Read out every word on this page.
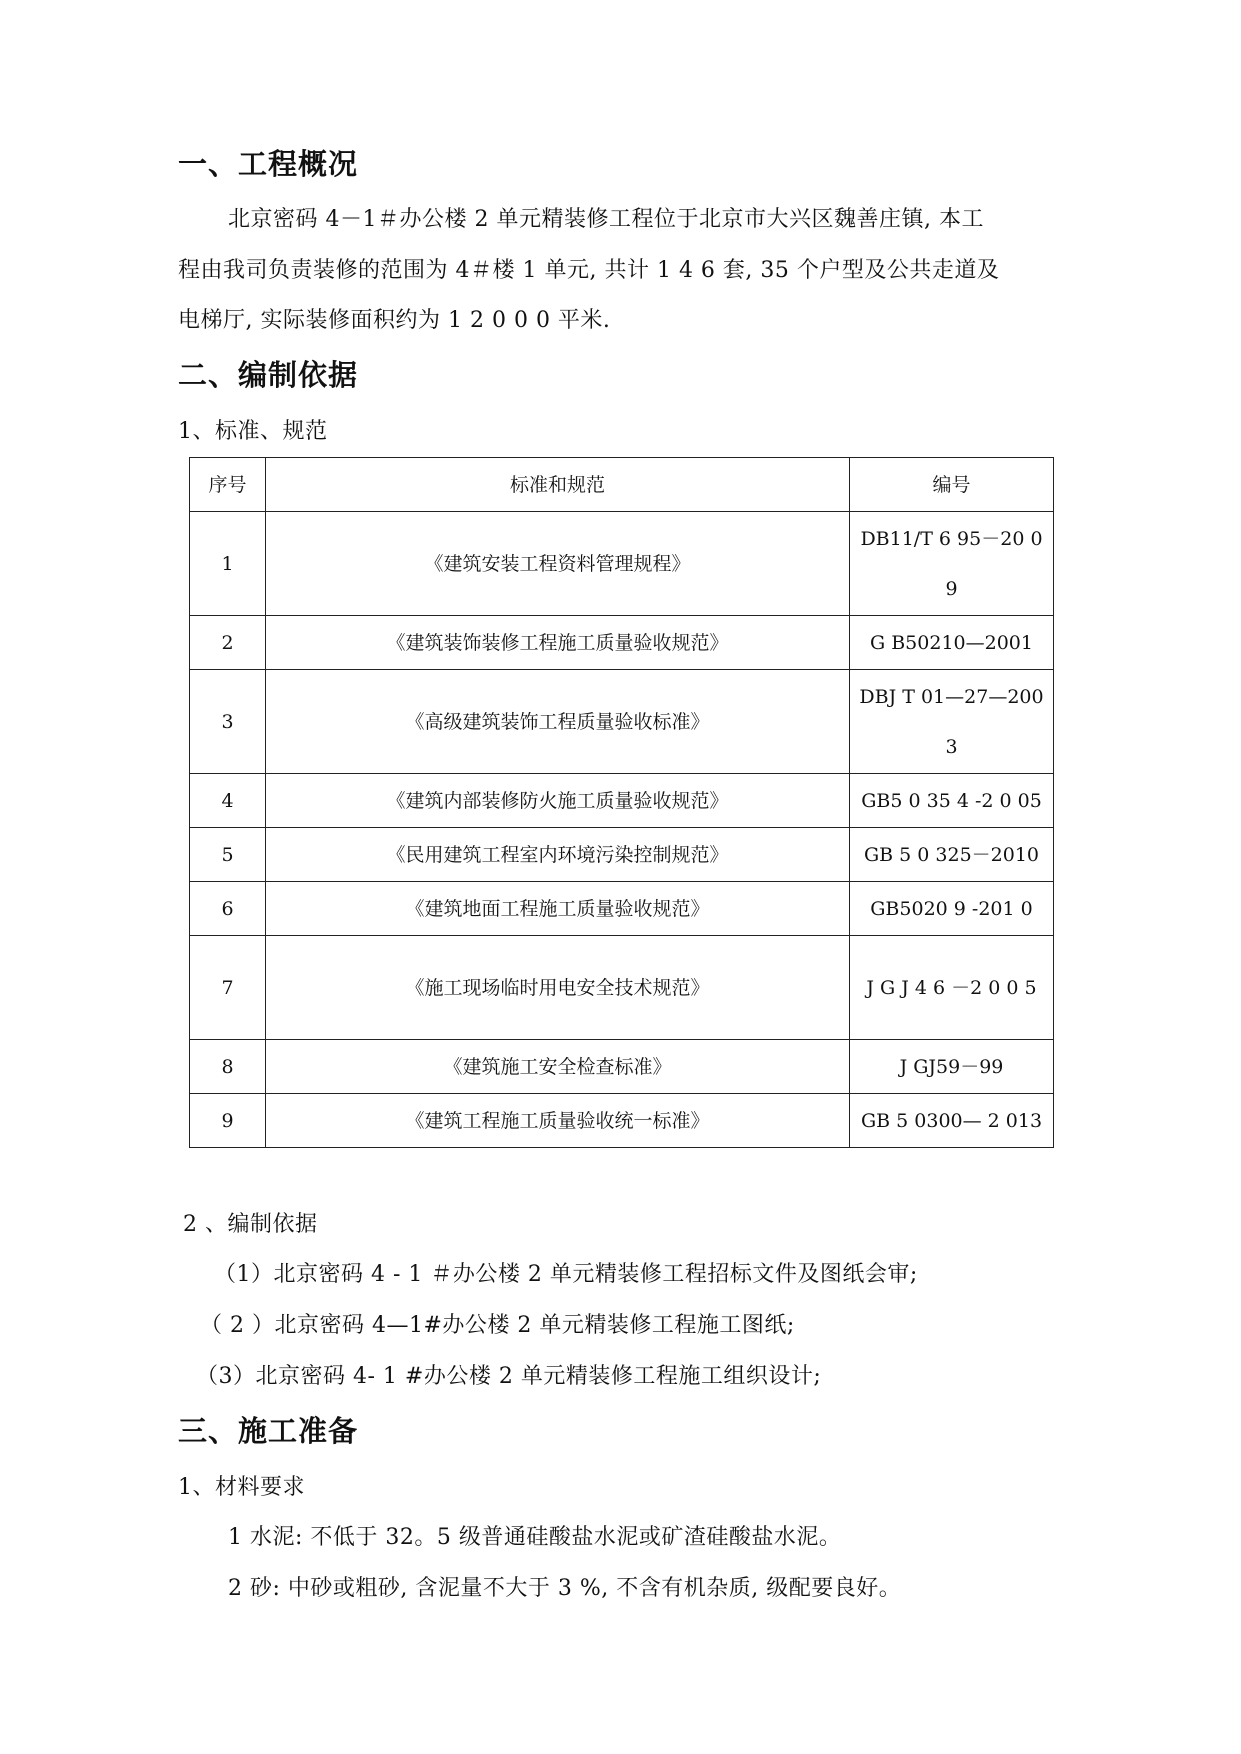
一、工程概况
北京密码 4－1＃办公楼 2 单元精装修工程位于北京市大兴区魏善庄镇, 本工
程由我司负责装修的范围为 4＃楼 1 单元, 共计 1 4 6 套, 35 个户型及公共走道及
电梯厅, 实际装修面积约为 1 2 0 0 0 平米.
二、编制依据
1、标准、规范
序号	标准和规范	编号
1	《建筑安装工程资料管理规程》	DB11/T 6 95－20 0 9
2	《建筑装饰装修工程施工质量验收规范》	G B50210—2001
3	《高级建筑装饰工程质量验收标准》	DBJ T 01—27—2003
4	《建筑内部装修防火施工质量验收规范》	GB5 0 35 4 -2 0 05
5	《民用建筑工程室内环境污染控制规范》	GB 5 0 325－2010
6	《建筑地面工程施工质量验收规范》	GB5020 9 -201 0
7	《施工现场临时用电安全技术规范》	J G J 4 6 －2 0 0 5
8	《建筑施工安全检查标准》	J GJ59－99
9	《建筑工程施工质量验收统一标准》	GB 5 0300— 2 013
2 、编制依据
（1）北京密码 4 - 1 ＃办公楼 2 单元精装修工程招标文件及图纸会审;
（ 2 ）北京密码 4—1#办公楼 2 单元精装修工程施工图纸;
（3）北京密码 4- 1 #办公楼 2 单元精装修工程施工组织设计;
三、施工准备
1、材料要求
1 水泥: 不低于 32。5 级普通硅酸盐水泥或矿渣硅酸盐水泥。
2 砂: 中砂或粗砂, 含泥量不大于 3 %, 不含有机杂质, 级配要良好。
